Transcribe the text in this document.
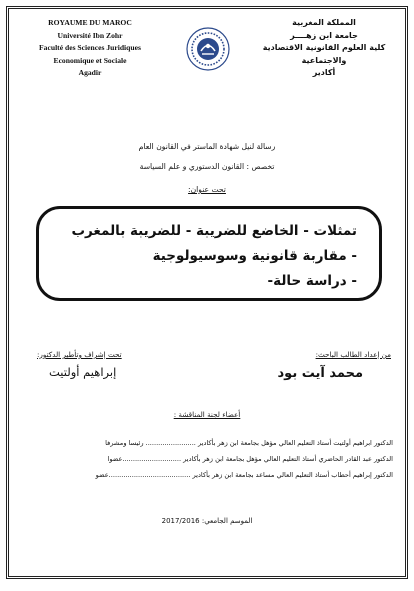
ROYAUME DU MAROC
Université Ibn Zohr
Faculté des Sciences Juridiques
Economique et Sociale
Agadir
المملكة المغربية
جامعة ابن زهــــر
كلية العلوم القانونية الاقتصادية والاجتماعية
أكادير
رسالة لنيل شهادة الماستر في القانون العام
تخصص : القانون الدستوري و علم السياسة
تحت عنوان:
تمثلات - الخاضع للضريبة - للضريبة بالمغرب
- مقاربة قانونية وسوسيولوجية
- دراسة حالة-
من إعداد الطالب الباحث:
محمد آيت بود
تحت إشراف وتأطير الدكتور:
إبراهيم أولتيت
أعضاء لجنة المناقشة :
الدكتور ابراهيم أولتيت أستاذ التعليم العالي مؤهل بجامعة ابن زهر بأكادير ........................ رئيسا ومشرفا
الدكتور عبد القادر الحاضري أستاذ التعليم العالي مؤهل بجامعة ابن زهر بأكادير ............................عضوا
الدكتور إبراهيم أحطاب أستاذ التعليم العالي مساعد بجامعة ابن زهر بأكادير .......................................عضو
الموسم الجامعي: 2017/2016
